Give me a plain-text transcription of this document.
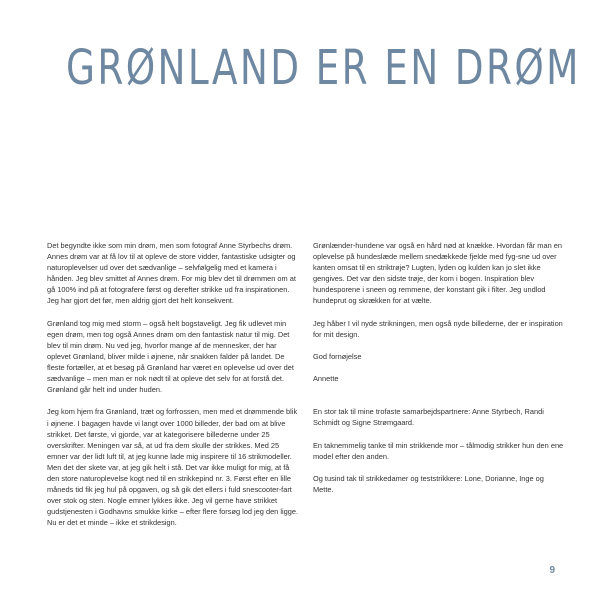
GRØNLAND ER EN DRØM

Det begyndte ikke som min drøm, men som fotograf Anne Styrbechs drøm. Annes drøm var at få lov til at opleve de store vidder, fantastiske udsigter og naturoplevelser ud over det sædvanlige – selvfølgelig med et kamera i hånden. Jeg blev smittet af Annes drøm. For mig blev det til drømmen om at gå 100% ind på at fotografere først og derefter strikke ud fra inspirationen. Jeg har gjort det før, men aldrig gjort det helt konsekvent.

Grønland tog mig med storm – også helt bogstaveligt. Jeg fik udlevet min egen drøm, men tog også Annes drøm om den fantastisk natur til mig. Det blev til min drøm. Nu ved jeg, hvorfor mange af de mennesker, der har oplevet Grønland, bliver milde i øjnene, når snakken falder på landet. De fleste fortæller, at et besøg på Grønland har været en oplevelse ud over det sædvanlige – men man er nok nødt til at opleve det selv for at forstå det. Grønland går helt ind under huden.

Jeg kom hjem fra Grønland, træt og forfrossen, men med et drømmende blik i øjnene. I bagagen havde vi langt over 1000 billeder, der bad om at blive strikket. Det første, vi gjorde, var at kategorisere billederne under 25 overskrifter. Meningen var så, at ud fra dem skulle der strikkes. Med 25 emner var der lidt luft til, at jeg kunne lade mig inspirere til 16 strikmodeller. Men det der skete var, at jeg gik helt i stå. Det var ikke muligt for mig, at få den store naturoplevelse kogt ned til en strikkepind nr. 3. Først efter en lille måneds tid fik jeg hul på opgaven, og så gik det ellers i fuld snescooter-fart over stok og sten. Nogle emner lykkes ikke. Jeg vil gerne have strikket gudstjenesten i Godhavns smukke kirke – efter flere forsøg lod jeg den ligge.

Nu er det et minde – ikke et strikdesign.

Grønlænder-hundene var også en hård nød at knække. Hvordan får man en oplevelse på hundeslæde mellem snedækkede fjelde med fyg-sne ud over kanten omsat til en striktrøje? Lugten, lyden og kulden kan jo slet ikke gengives. Det var den sidste trøje, der kom i bogen. Inspiration blev hundesporene i sneen og remmene, der konstant gik i filter. Jeg undlod hundeprut og skrækken for at vælte.

Jeg håber I vil nyde strikningen, men også nyde billederne, der er inspiration for mit design.

God fornøjelse

Annette

En stor tak til mine trofaste samarbejdspartnere: Anne Styrbech, Randi Schmidt og Signe Strømgaard.

En taknemmelig tanke til min strikkende mor – tålmodig strikker hun den ene model efter den anden.

Og tusind tak til strikkedamer og teststrikkere: Lone, Dorianne, Inge og Mette.

9
